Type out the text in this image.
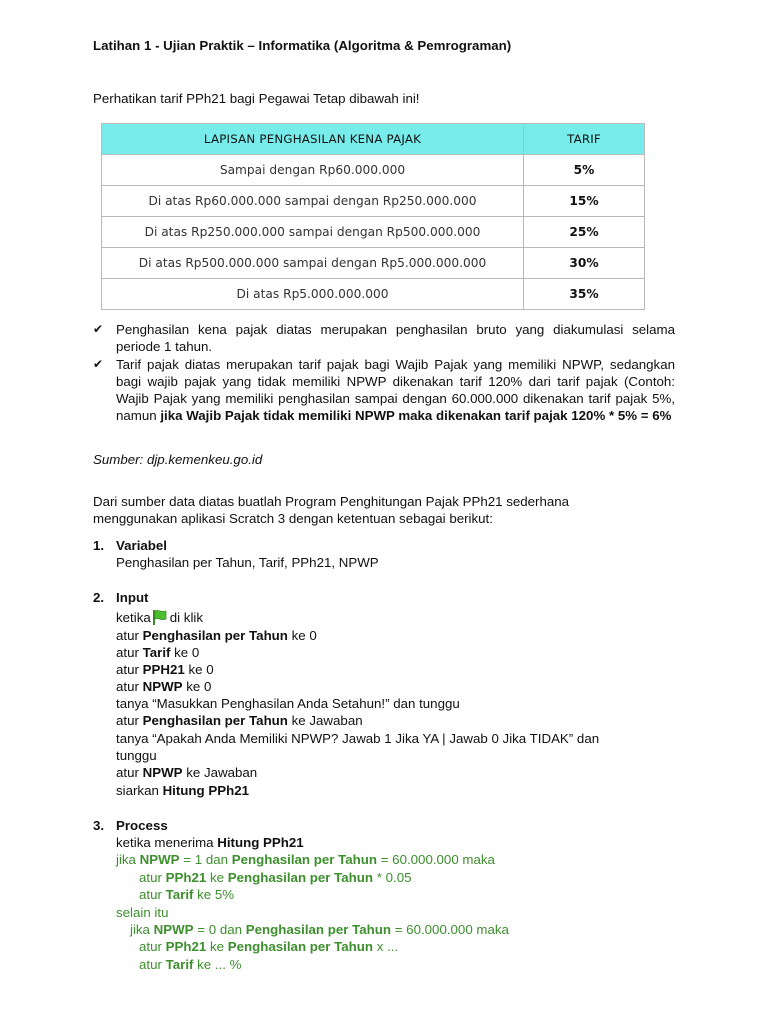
Latihan 1 - Ujian Praktik – Informatika (Algoritma & Pemrograman)
Perhatikan tarif PPh21 bagi Pegawai Tetap dibawah ini!
LAPISAN PENGHASILAN KENA PAJAK	TARIF
Sampai dengan Rp60.000.000	5%
Di atas Rp60.000.000 sampai dengan Rp250.000.000	15%
Di atas Rp250.000.000 sampai dengan Rp500.000.000	25%
Di atas Rp500.000.000 sampai dengan Rp5.000.000.000	30%
Di atas Rp5.000.000.000	35%
✔ Penghasilan kena pajak diatas merupakan penghasilan bruto yang diakumulasi selama periode 1 tahun.
✔ Tarif pajak diatas merupakan tarif pajak bagi Wajib Pajak yang memiliki NPWP, sedangkan bagi wajib pajak yang tidak memiliki NPWP dikenakan tarif 120% dari tarif pajak (Contoh: Wajib Pajak yang memiliki penghasilan sampai dengan 60.000.000 dikenakan tarif pajak 5%, namun jika Wajib Pajak tidak memiliki NPWP maka dikenakan tarif pajak 120% * 5% = 6%
Sumber: djp.kemenkeu.go.id
Dari sumber data diatas buatlah Program Penghitungan Pajak PPh21 sederhana menggunakan aplikasi Scratch 3 dengan ketentuan sebagai berikut:
1. Variabel
Penghasilan per Tahun, Tarif, PPh21, NPWP
2. Input
ketika di klik
atur Penghasilan per Tahun ke 0
atur Tarif ke 0
atur PPH21 ke 0
atur NPWP ke 0
tanya “Masukkan Penghasilan Anda Setahun!” dan tunggu
atur Penghasilan per Tahun ke Jawaban
tanya “Apakah Anda Memiliki NPWP? Jawab 1 Jika YA | Jawab 0 Jika TIDAK” dan
tunggu
atur NPWP ke Jawaban
siarkan Hitung PPh21
3. Process
ketika menerima Hitung PPh21
jika NPWP = 1 dan Penghasilan per Tahun = 60.000.000 maka
atur PPh21 ke Penghasilan per Tahun * 0.05
atur Tarif ke 5%
selain itu
jika NPWP = 0 dan Penghasilan per Tahun = 60.000.000 maka
atur PPh21 ke Penghasilan per Tahun x ...
atur Tarif ke ... %
